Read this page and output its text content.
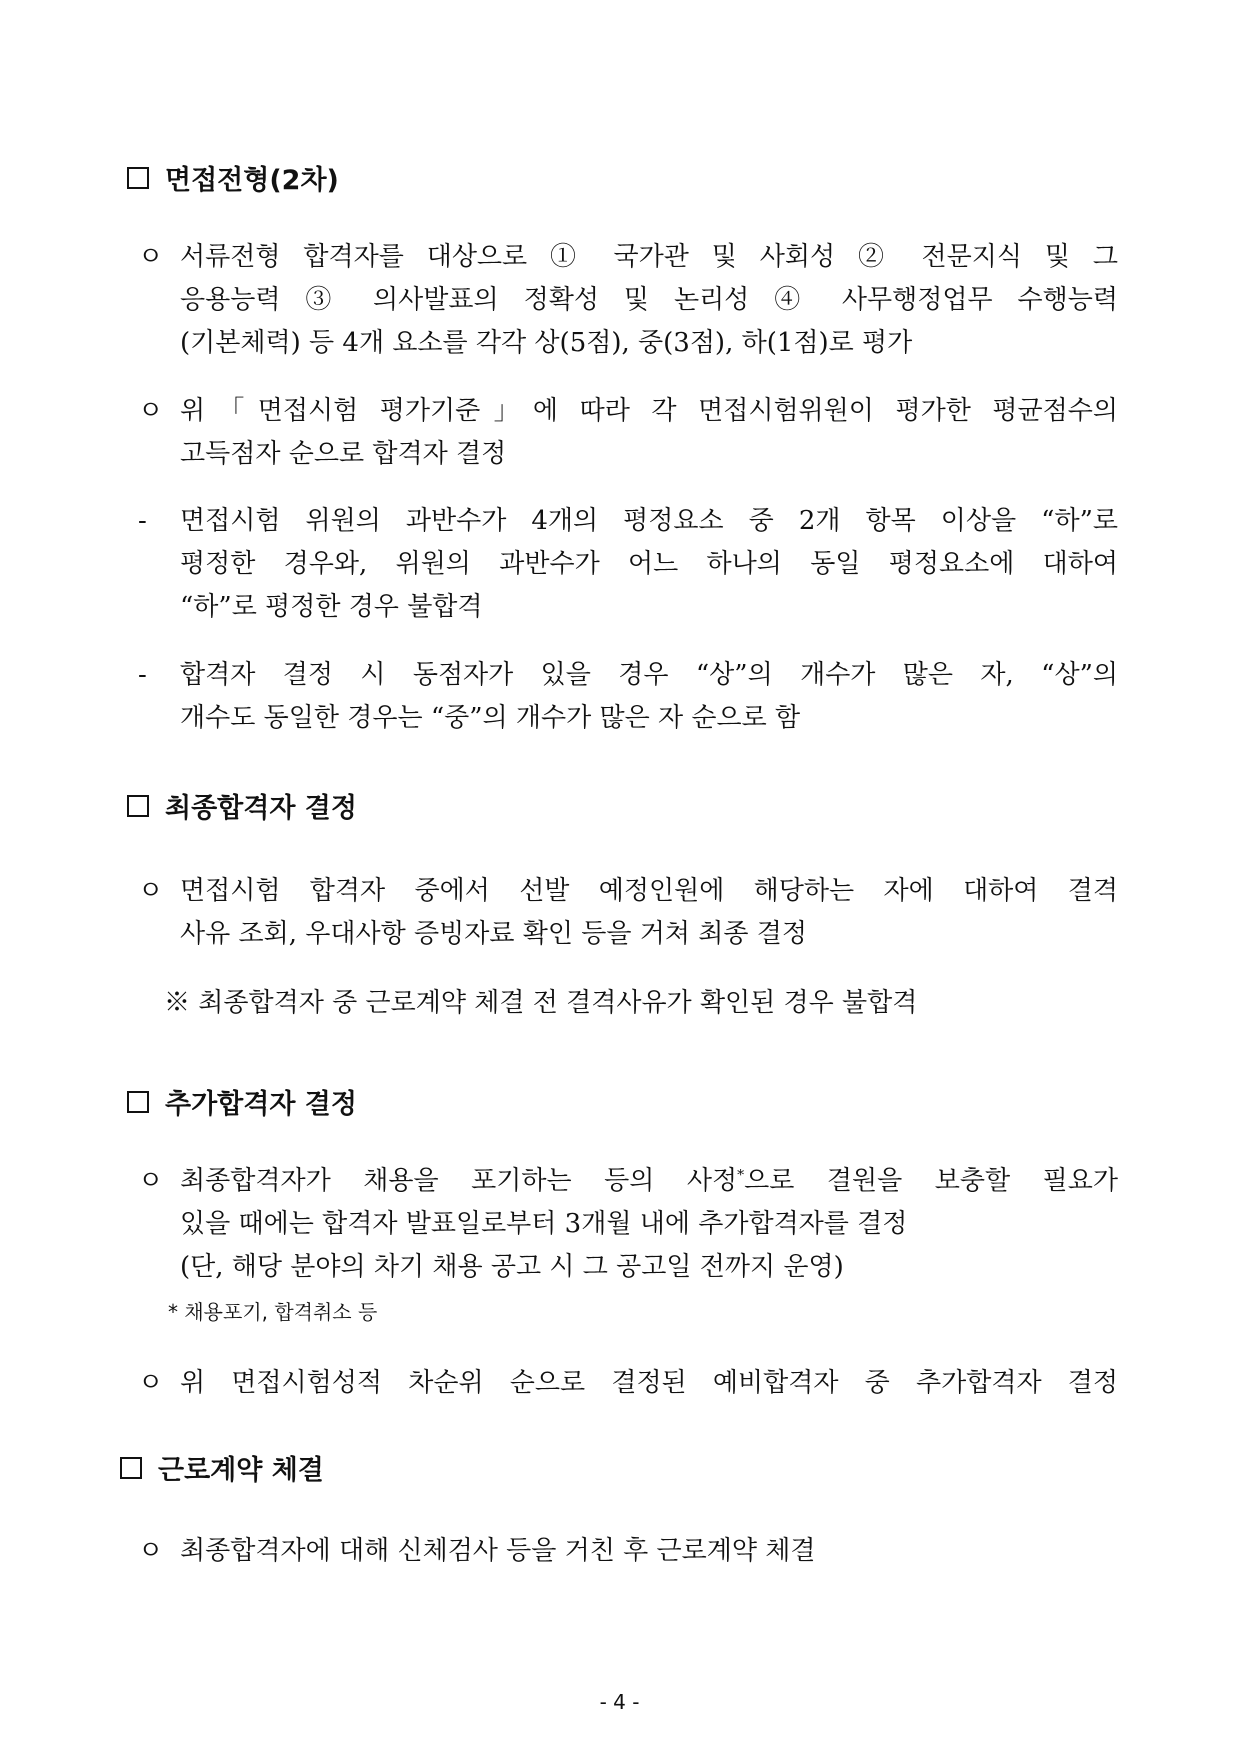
면접전형(2차)
ㅇ 서류전형 합격자를 대상으로 ① 국가관 및 사회성 ② 전문지식 및 그
응용능력 ③ 의사발표의 정확성 및 논리성 ④ 사무행정업무 수행능력
(기본체력) 등 4개 요소를 각각 상(5점), 중(3점), 하(1점)로 평가
ㅇ 위「면접시험 평가기준」에 따라 각 면접시험위원이 평가한 평균점수의
고득점자 순으로 합격자 결정
-	면접시험 위원의 과반수가 4개의 평정요소 중 2개 항목 이상을 “하”로
평정한 경우와, 위원의 과반수가 어느 하나의 동일 평정요소에 대하여
“하”로 평정한 경우 불합격
-	합격자 결정 시 동점자가 있을 경우 “상”의 개수가 많은 자, “상”의
개수도 동일한 경우는 “중”의 개수가 많은 자 순으로 함
최종합격자 결정
ㅇ 면접시험 합격자 중에서 선발 예정인원에 해당하는 자에 대하여 결격
사유 조회, 우대사항 증빙자료 확인 등을 거쳐 최종 결정
※ 최종합격자 중 근로계약 체결 전 결격사유가 확인된 경우 불합격
추가합격자 결정
ㅇ 최종합격자가 채용을 포기하는 등의 사정*으로 결원을 보충할 필요가
있을 때에는 합격자 발표일로부터 3개월 내에 추가합격자를 결정
(단, 해당 분야의 차기 채용 공고 시 그 공고일 전까지 운영)
* 채용포기, 합격취소 등
ㅇ 위 면접시험성적 차순위 순으로 결정된 예비합격자 중 추가합격자 결정
근로계약 체결
ㅇ 최종합격자에 대해 신체검사 등을 거친 후 근로계약 체결
- 4 -
